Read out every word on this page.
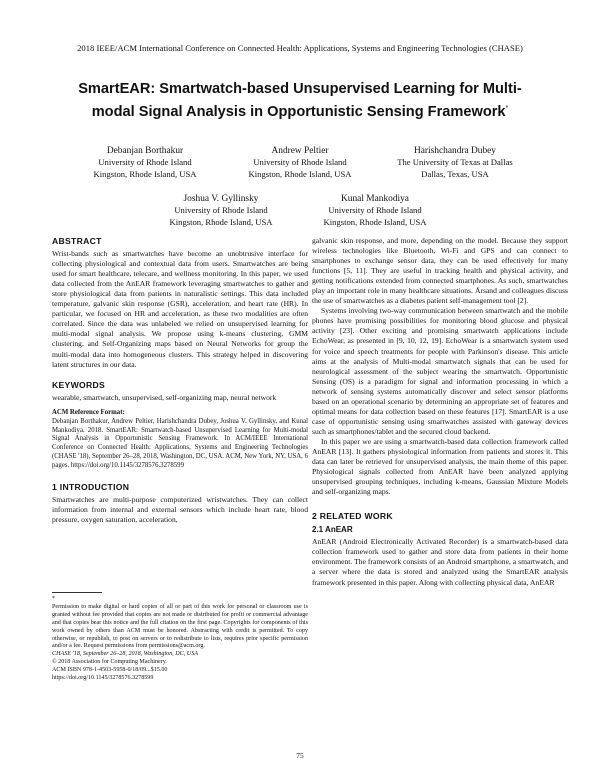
2018 IEEE/ACM International Conference on Connected Health: Applications, Systems and Engineering Technologies (CHASE)
SmartEAR: Smartwatch-based Unsupervised Learning for Multi-modal Signal Analysis in Opportunistic Sensing Framework*
Debanjan Borthakur
University of Rhode Island
Kingston, Rhode Island, USA
Andrew Peltier
University of Rhode Island
Kingston, Rhode Island, USA
Harishchandra Dubey
The University of Texas at Dallas
Dallas, Texas, USA
Joshua V. Gyllinsky
University of Rhode Island
Kingston, Rhode Island, USA
Kunal Mankodiya
University of Rhode Island
Kingston, Rhode Island, USA
ABSTRACT

Wrist-bands such as smartwatches have become an unobtrusive interface for collecting physiological and contextual data from users. Smartwatches are being used for smart healthcare, telecare, and wellness monitoring. In this paper, we used data collected from the AnEAR framework leveraging smartwatches to gather and store physiological data from patients in naturalistic settings. This data included temperature, galvanic skin response (GSR), acceleration, and heart rate (HR). In particular, we focused on HR and acceleration, as these two modalities are often correlated. Since the data was unlabeled we relied on unsupervised learning for multi-modal signal analysis. We propose using k-means clustering, GMM clustering, and Self-Organizing maps based on Neural Networks for group the multi-modal data into homogeneous clusters. This strategy helped in discovering latent structures in our data.

KEYWORDS

wearable, smartwatch, unsupervised, self-organizing map, neural network

ACM Reference Format:

Debanjan Borthakur, Andrew Peltier, Harishchandra Dubey, Joshua V. Gyllinsky, and Kunal Mankodiya. 2018. SmartEAR: Smartwatch-based Unsupervised Learning for Multi-modal Signal Analysis in Opportunistic Sensing Framework. In ACM/IEEE International Conference on Connected Health: Applications, Systems and Engineering Technologies (CHASE '18), September 26–28, 2018, Washington, DC, USA. ACM, New York, NY, USA, 6 pages. https://doi.org/10.1145/3278576.3278599

1 INTRODUCTION

Smartwatches are multi-purpose computerized wristwatches. They can collect information from internal and external sensors which include heart rate, blood pressure, oxygen saturation, acceleration,

*
Permission to make digital or hard copies of all or part of this work for personal or classroom use is granted without fee provided that copies are not made or distributed for profit or commercial advantage and that copies bear this notice and the full citation on the first page. Copyrights for components of this work owned by others than ACM must be honored. Abstracting with credit is permitted. To copy otherwise, or republish, to post on servers or to redistribute to lists, requires prior specific permission and/or a fee. Request permissions from permissions@acm.org.
CHASE '18, September 26–28, 2018, Washington, DC, USA
© 2018 Association for Computing Machinery.
ACM ISBN 978-1-4503-5958-0/18/09...$15.00
https://doi.org/10.1145/3278576.3278599

galvanic skin response, and more, depending on the model. Because they support wireless technologies like Bluetooth, Wi-Fi and GPS and can connect to smartphones to exchange sensor data, they can be used effectively for many functions [5, 11]. They are useful in tracking health and physical activity, and getting notifications extended from connected smartphones. As such, smartwatches play an important role in many healthcare situations. Årsand and colleagues discuss the use of smartwatches as a diabetes patient self-management tool [2].

Systems involving two-way communication between smartwatch and the mobile phones have promising possibilities for monitoring blood glucose and physical activity [23]. Other exciting and promising smartwatch applications include EchoWear, as presented in [9, 10, 12, 19]. EchoWear is a smartwatch system used for voice and speech treatments for people with Parkinson's disease. This article aims at the analysis of Multi-modal smartwatch signals that can be used for neurological assessment of the subject wearing the smartwatch. Opportunistic Sensing (OS) is a paradigm for signal and information processing in which a network of sensing systems automatically discover and select sensor platforms based on an operational scenario by determining an appropriate set of features and optimal means for data collection based on these features [17]. SmartEAR is a use case of opportunistic sensing using smartwatches assisted with gateway devices such as smartphones/tablet and the secured cloud backend.

In this paper we are using a smartwatch-based data collection framework called AnEAR [13]. It gathers physiological information from patients and stores it. This data can later be retrieved for unsupervised analysis, the main theme of this paper. Physiological signals collected from AnEAR have been analyzed applying unsupervised grouping techniques, including k-means, Gaussian Mixture Models and self-organizing maps.

2 RELATED WORK
2.1 AnEAR

AnEAR (Android Electronically Activated Recorder) is a smartwatch-based data collection framework used to gather and store data from patients in their home environment. The framework consists of an Android smartphone, a smartwatch, and a server where the data is stored and analyzed using the SmartEAR analysis framework presented in this paper. Along with collecting physical data, AnEAR

75
